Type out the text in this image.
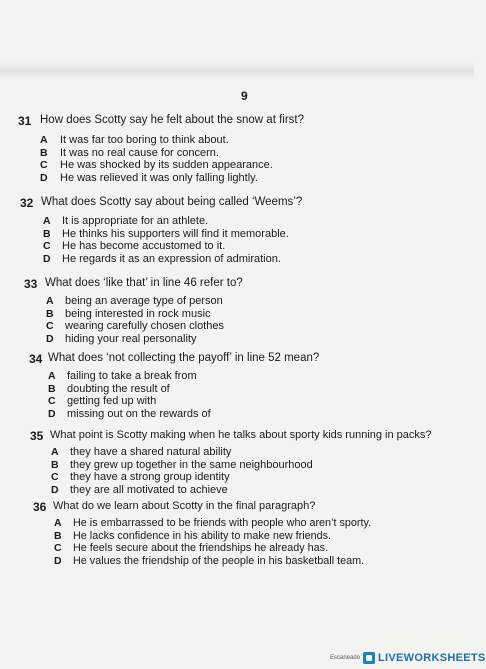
9
31 How does Scotty say he felt about the snow at first?
A It was far too boring to think about.
B It was no real cause for concern.
C He was shocked by its sudden appearance.
D He was relieved it was only falling lightly.
32 What does Scotty say about being called ‘Weems’?
A It is appropriate for an athlete.
B He thinks his supporters will find it memorable.
C He has become accustomed to it.
D He regards it as an expression of admiration.
33 What does ‘like that’ in line 46 refer to?
A being an average type of person
B being interested in rock music
C wearing carefully chosen clothes
D hiding your real personality
34 What does ‘not collecting the payoff’ in line 52 mean?
A failing to take a break from
B doubting the result of
C getting fed up with
D missing out on the rewards of
35 What point is Scotty making when he talks about sporty kids running in packs?
A they have a shared natural ability
B they grew up together in the same neighbourhood
C they have a strong group identity
D they are all motivated to achieve
36 What do we learn about Scotty in the final paragraph?
A He is embarrassed to be friends with people who aren’t sporty.
B He lacks confidence in his ability to make new friends.
C He feels secure about the friendships he already has.
D He values the friendship of the people in his basketball team.
Escaneado LIVEWORKSHEETS
